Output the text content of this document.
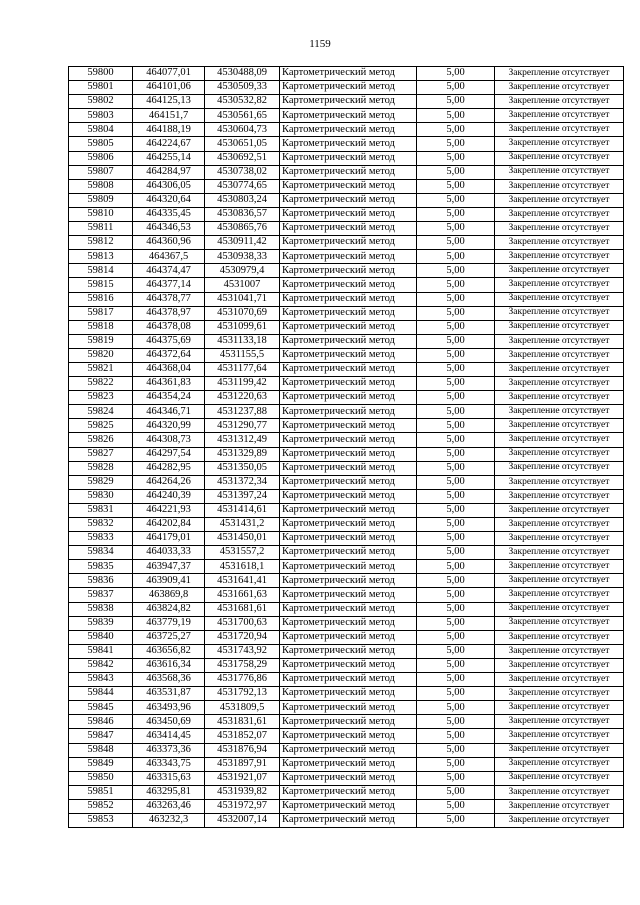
1159
59800	464077,01	4530488,09	Картометрический метод	5,00	Закрепление отсутствует
59801	464101,06	4530509,33	Картометрический метод	5,00	Закрепление отсутствует
59802	464125,13	4530532,82	Картометрический метод	5,00	Закрепление отсутствует
59803	464151,7	4530561,65	Картометрический метод	5,00	Закрепление отсутствует
59804	464188,19	4530604,73	Картометрический метод	5,00	Закрепление отсутствует
59805	464224,67	4530651,05	Картометрический метод	5,00	Закрепление отсутствует
59806	464255,14	4530692,51	Картометрический метод	5,00	Закрепление отсутствует
59807	464284,97	4530738,02	Картометрический метод	5,00	Закрепление отсутствует
59808	464306,05	4530774,65	Картометрический метод	5,00	Закрепление отсутствует
59809	464320,64	4530803,24	Картометрический метод	5,00	Закрепление отсутствует
59810	464335,45	4530836,57	Картометрический метод	5,00	Закрепление отсутствует
59811	464346,53	4530865,76	Картометрический метод	5,00	Закрепление отсутствует
59812	464360,96	4530911,42	Картометрический метод	5,00	Закрепление отсутствует
59813	464367,5	4530938,33	Картометрический метод	5,00	Закрепление отсутствует
59814	464374,47	4530979,4	Картометрический метод	5,00	Закрепление отсутствует
59815	464377,14	4531007	Картометрический метод	5,00	Закрепление отсутствует
59816	464378,77	4531041,71	Картометрический метод	5,00	Закрепление отсутствует
59817	464378,97	4531070,69	Картометрический метод	5,00	Закрепление отсутствует
59818	464378,08	4531099,61	Картометрический метод	5,00	Закрепление отсутствует
59819	464375,69	4531133,18	Картометрический метод	5,00	Закрепление отсутствует
59820	464372,64	4531155,5	Картометрический метод	5,00	Закрепление отсутствует
59821	464368,04	4531177,64	Картометрический метод	5,00	Закрепление отсутствует
59822	464361,83	4531199,42	Картометрический метод	5,00	Закрепление отсутствует
59823	464354,24	4531220,63	Картометрический метод	5,00	Закрепление отсутствует
59824	464346,71	4531237,88	Картометрический метод	5,00	Закрепление отсутствует
59825	464320,99	4531290,77	Картометрический метод	5,00	Закрепление отсутствует
59826	464308,73	4531312,49	Картометрический метод	5,00	Закрепление отсутствует
59827	464297,54	4531329,89	Картометрический метод	5,00	Закрепление отсутствует
59828	464282,95	4531350,05	Картометрический метод	5,00	Закрепление отсутствует
59829	464264,26	4531372,34	Картометрический метод	5,00	Закрепление отсутствует
59830	464240,39	4531397,24	Картометрический метод	5,00	Закрепление отсутствует
59831	464221,93	4531414,61	Картометрический метод	5,00	Закрепление отсутствует
59832	464202,84	4531431,2	Картометрический метод	5,00	Закрепление отсутствует
59833	464179,01	4531450,01	Картометрический метод	5,00	Закрепление отсутствует
59834	464033,33	4531557,2	Картометрический метод	5,00	Закрепление отсутствует
59835	463947,37	4531618,1	Картометрический метод	5,00	Закрепление отсутствует
59836	463909,41	4531641,41	Картометрический метод	5,00	Закрепление отсутствует
59837	463869,8	4531661,63	Картометрический метод	5,00	Закрепление отсутствует
59838	463824,82	4531681,61	Картометрический метод	5,00	Закрепление отсутствует
59839	463779,19	4531700,63	Картометрический метод	5,00	Закрепление отсутствует
59840	463725,27	4531720,94	Картометрический метод	5,00	Закрепление отсутствует
59841	463656,82	4531743,92	Картометрический метод	5,00	Закрепление отсутствует
59842	463616,34	4531758,29	Картометрический метод	5,00	Закрепление отсутствует
59843	463568,36	4531776,86	Картометрический метод	5,00	Закрепление отсутствует
59844	463531,87	4531792,13	Картометрический метод	5,00	Закрепление отсутствует
59845	463493,96	4531809,5	Картометрический метод	5,00	Закрепление отсутствует
59846	463450,69	4531831,61	Картометрический метод	5,00	Закрепление отсутствует
59847	463414,45	4531852,07	Картометрический метод	5,00	Закрепление отсутствует
59848	463373,36	4531876,94	Картометрический метод	5,00	Закрепление отсутствует
59849	463343,75	4531897,91	Картометрический метод	5,00	Закрепление отсутствует
59850	463315,63	4531921,07	Картометрический метод	5,00	Закрепление отсутствует
59851	463295,81	4531939,82	Картометрический метод	5,00	Закрепление отсутствует
59852	463263,46	4531972,97	Картометрический метод	5,00	Закрепление отсутствует
59853	463232,3	4532007,14	Картометрический метод	5,00	Закрепление отсутствует
